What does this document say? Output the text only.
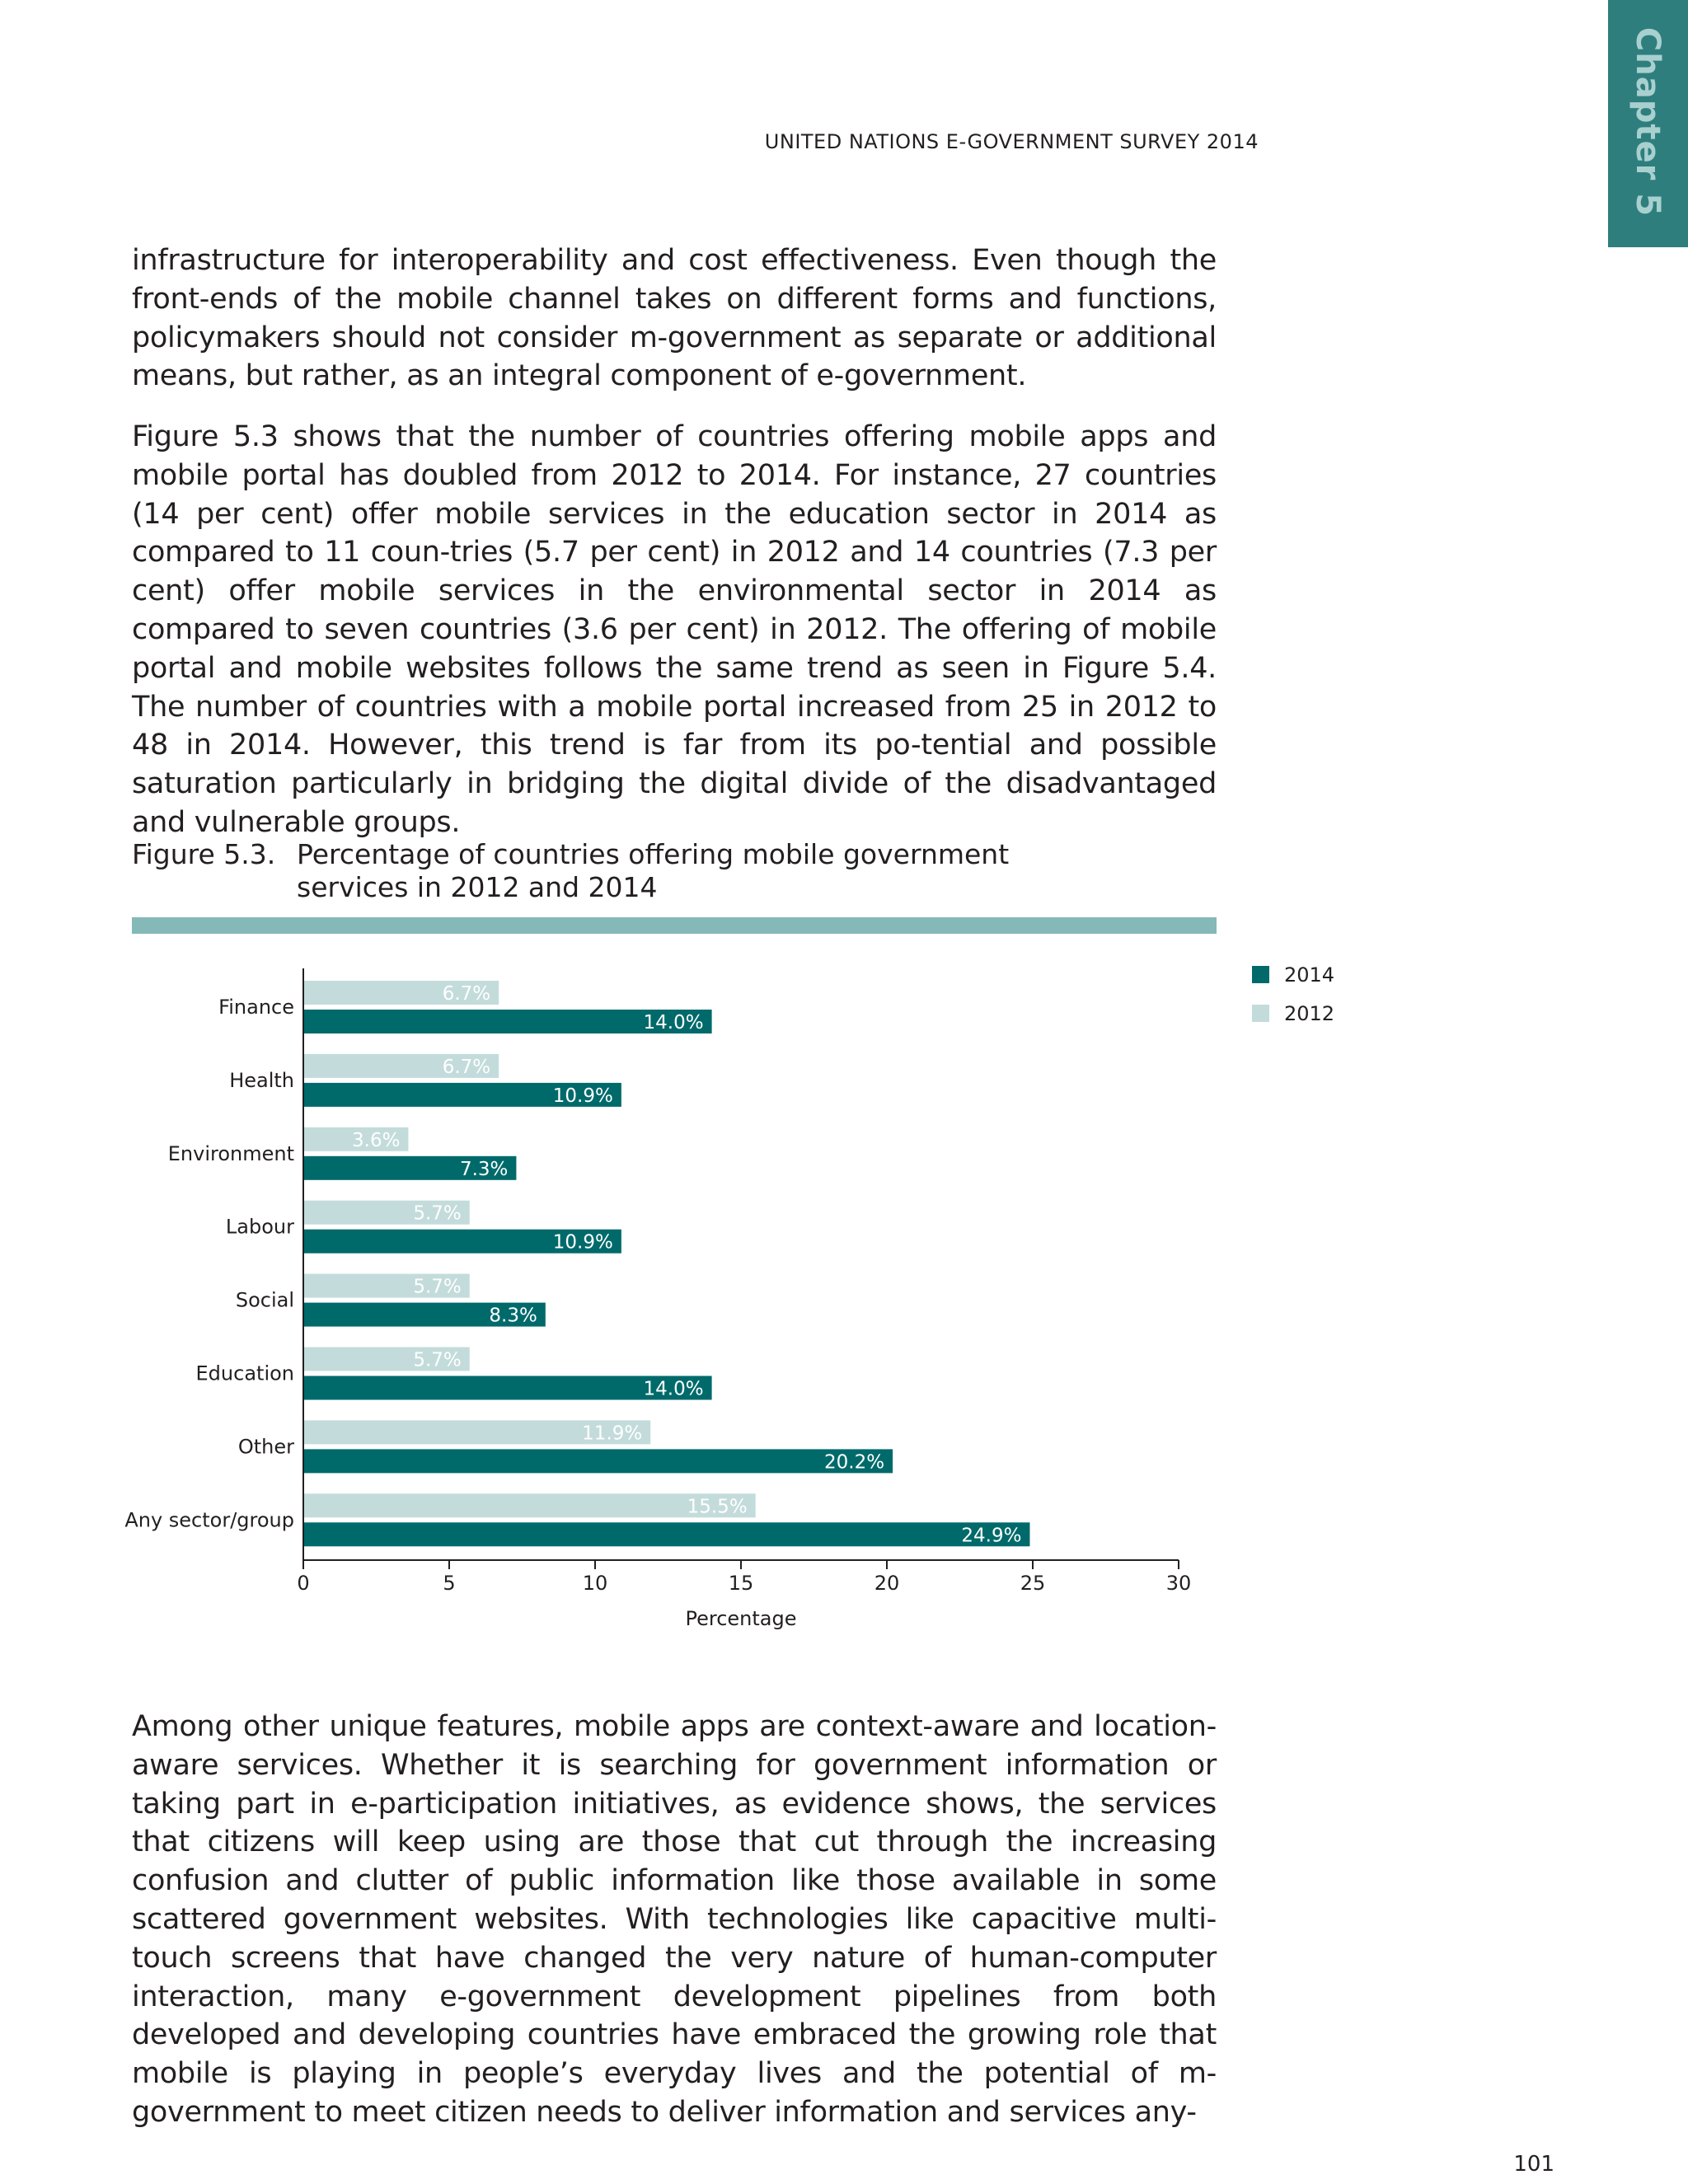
Chapter 5
UNITED NATIONS E-GOVERNMENT SURVEY 2014

infrastructure for interoperability and cost effectiveness. Even though the front-ends of the mobile channel takes on different forms and functions, policymakers should not consider m-government as separate or additional means, but rather, as an integral component of e-government.

Figure 5.3 shows that the number of countries offering mobile apps and mobile portal has doubled from 2012 to 2014. For instance, 27 countries (14 per cent) offer mobile services in the education sector in 2014 as compared to 11 coun-tries (5.7 per cent) in 2012 and 14 countries (7.3 per cent) offer mobile services in the environmental sector in 2014 as compared to seven countries (3.6 per cent) in 2012. The offering of mobile portal and mobile websites follows the same trend as seen in Figure 5.4. The number of countries with a mobile portal increased from 25 in 2012 to 48 in 2014. However, this trend is far from its po-tential and possible saturation particularly in bridging the digital divide of the disadvantaged and vulnerable groups.

Figure 5.3. Percentage of countries offering mobile government services in 2012 and 2014
6.7%
14.0%
Finance
6.7%
10.9%
Health
3.6%
7.3%
Environment
5.7%
10.9%
Labour
5.7%
8.3%
Social
5.7%
14.0%
Education
11.9%
20.2%
Other
15.5%
24.9%
Any sector/group
0	5	10	15	20	25	30
Percentage
2014
2012

Among other unique features, mobile apps are context-aware and location-aware services. Whether it is searching for government information or taking part in e-participation initiatives, as evidence shows, the services that citizens will keep using are those that cut through the increasing confusion and clutter of public information like those available in some scattered government websites. With technologies like capacitive multi-touch screens that have changed the very nature of human-computer interaction, many e-government development pipelines from both developed and developing countries have embraced the growing role that mobile is playing in people’s everyday lives and the potential of m-government to meet citizen needs to deliver information and services any-

101
